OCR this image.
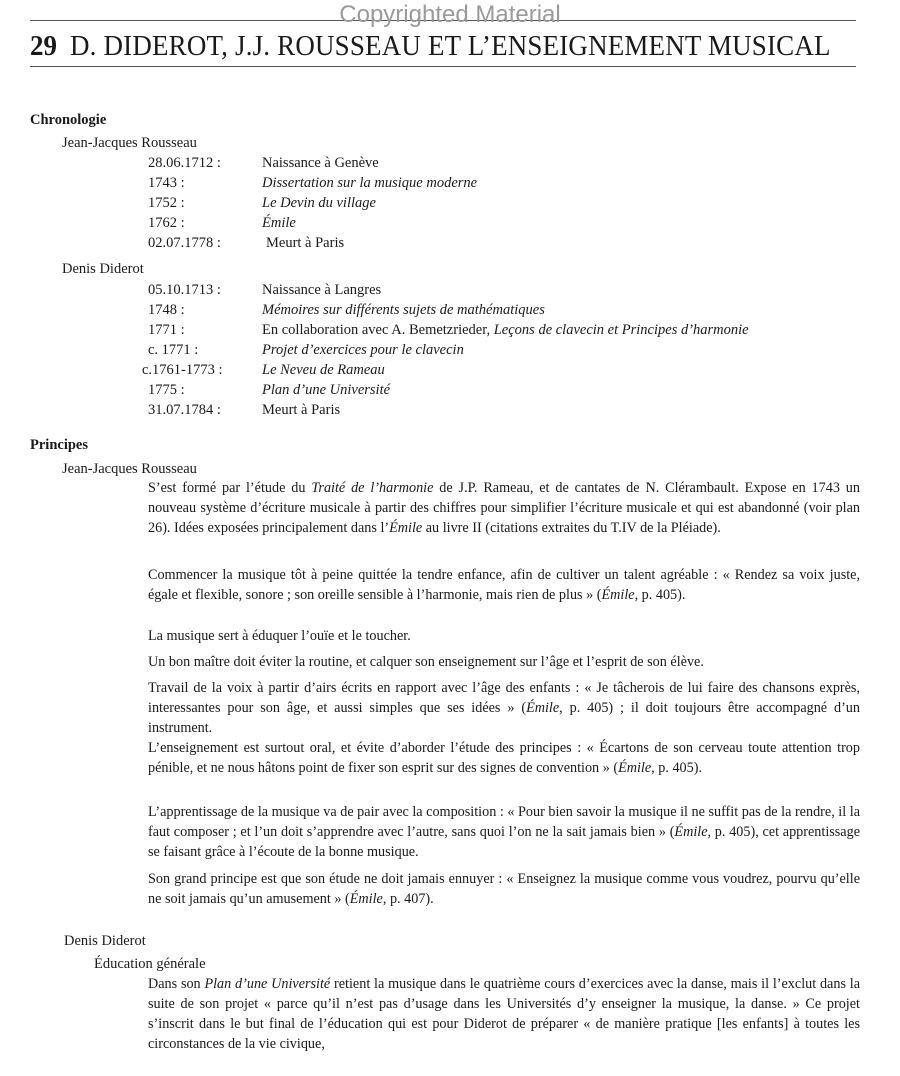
Copyrighted Material
29 D. DIDEROT, J.J. ROUSSEAU ET L’ENSEIGNEMENT MUSICAL
Chronologie
Jean-Jacques Rousseau
28.06.1712 :	Naissance à Genève
1743 :	Dissertation sur la musique moderne
1752 :	Le Devin du village
1762 :	Émile
02.07.1778 :	Meurt à Paris
Denis Diderot
05.10.1713 :	Naissance à Langres
1748 :	Mémoires sur différents sujets de mathématiques
1771 :	En collaboration avec A. Bemetzrieder, Leçons de clavecin et Principes d’harmonie
c. 1771 :	Projet d’exercices pour le clavecin
c.1761-1773 :	Le Neveu de Rameau
1775 :	Plan d’une Université
31.07.1784 :	Meurt à Paris
Principes
Jean-Jacques Rousseau
S’est formé par l’étude du Traité de l’harmonie de J.P. Rameau, et de cantates de N. Clérambault. Expose en 1743 un nouveau système d’écriture musicale à partir des chiffres pour simplifier l’écriture musicale et qui est abandonné (voir plan 26). Idées exposées principalement dans l’Émile au livre II (citations extraites du T.IV de la Pléiade).
Commencer la musique tôt à peine quittée la tendre enfance, afin de cultiver un talent agréable : « Rendez sa voix juste, égale et flexible, sonore ; son oreille sensible à l’harmonie, mais rien de plus » (Émile, p. 405).
La musique sert à éduquer l’ouïe et le toucher.
Un bon maître doit éviter la routine, et calquer son enseignement sur l’âge et l’esprit de son élève.
Travail de la voix à partir d’airs écrits en rapport avec l’âge des enfants : « Je tâcherois de lui faire des chansons exprès, interessantes pour son âge, et aussi simples que ses idées » (Émile, p. 405) ; il doit toujours être accompagné d’un instrument.
L’enseignement est surtout oral, et évite d’aborder l’étude des principes : « Écartons de son cerveau toute attention trop pénible, et ne nous hâtons point de fixer son esprit sur des signes de convention » (Émile, p. 405).
L’apprentissage de la musique va de pair avec la composition : « Pour bien savoir la musique il ne suffit pas de la rendre, il la faut composer ; et l’un doit s’apprendre avec l’autre, sans quoi l’on ne la sait jamais bien » (Émile, p. 405), cet apprentissage se faisant grâce à l’écoute de la bonne musique.
Son grand principe est que son étude ne doit jamais ennuyer : « Enseignez la musique comme vous voudrez, pourvu qu’elle ne soit jamais qu’un amusement » (Émile, p. 407).
Denis Diderot
Éducation générale
Dans son Plan d’une Université retient la musique dans le quatrième cours d’exercices avec la danse, mais il l’exclut dans la suite de son projet « parce qu’il n’est pas d’usage dans les Universités d’y enseigner la musique, la danse. » Ce projet s’inscrit dans le but final de l’éducation qui est pour Diderot de préparer « de manière pratique [les enfants] à toutes les circonstances de la vie civique,
